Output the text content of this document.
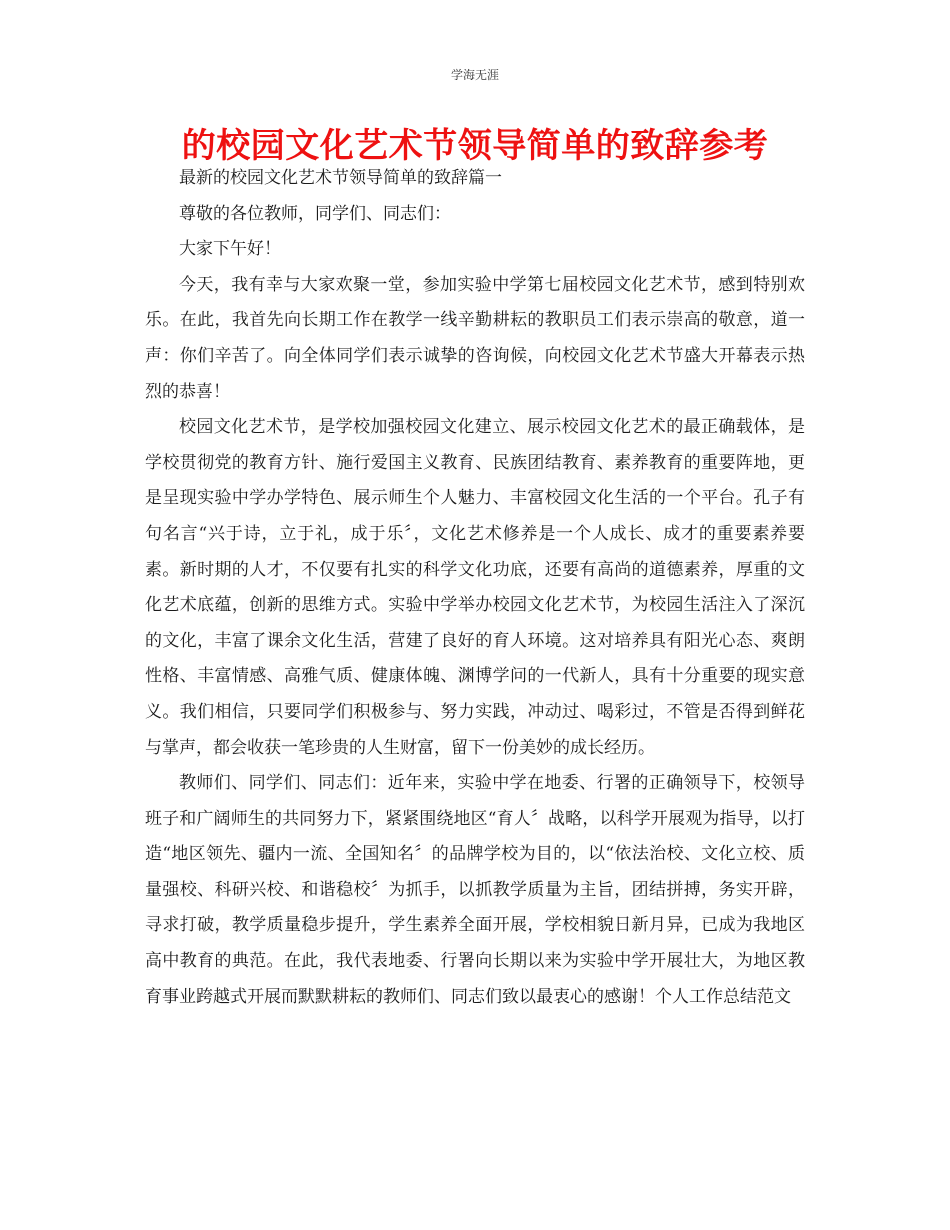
学海无涯
的校园文化艺术节领导简单的致辞参考

最新的校园文化艺术节领导简单的致辞篇一

尊敬的各位教师，同学们、同志们：

大家下午好！

今天，我有幸与大家欢聚一堂，参加实验中学第七届校园文化艺术节，感到特别欢乐。在此，我首先向长期工作在教学一线辛勤耕耘的教职员工们表示崇高的敬意，道一声：你们辛苦了。向全体同学们表示诚挚的咨询候，向校园文化艺术节盛大开幕表示热烈的恭喜！

校园文化艺术节，是学校加强校园文化建立、展示校园文化艺术的最正确载体，是学校贯彻党的教育方针、施行爱国主义教育、民族团结教育、素养教育的重要阵地，更是呈现实验中学办学特色、展示师生个人魅力、丰富校园文化生活的一个平台。孔子有句名言“兴于诗，立于礼，成于乐〞，文化艺术修养是一个人成长、成才的重要素养要素。新时期的人才，不仅要有扎实的科学文化功底，还要有高尚的道德素养，厚重的文化艺术底蕴，创新的思维方式。实验中学举办校园文化艺术节，为校园生活注入了深沉的文化，丰富了课余文化生活，营建了良好的育人环境。这对培养具有阳光心态、爽朗性格、丰富情感、高雅气质、健康体魄、渊博学问的一代新人，具有十分重要的现实意义。我们相信，只要同学们积极参与、努力实践，冲动过、喝彩过，不管是否得到鲜花与掌声，都会收获一笔珍贵的人生财富，留下一份美妙的成长经历。

教师们、同学们、同志们：近年来，实验中学在地委、行署的正确领导下，校领导班子和广阔师生的共同努力下，紧紧围绕地区“育人〞战略，以科学开展观为指导，以打造“地区领先、疆内一流、全国知名〞的品牌学校为目的，以“依法治校、文化立校、质量强校、科研兴校、和谐稳校〞为抓手，以抓教学质量为主旨，团结拼搏，务实开辟，寻求打破，教学质量稳步提升，学生素养全面开展，学校相貌日新月异，已成为我地区高中教育的典范。在此，我代表地委、行署向长期以来为实验中学开展壮大，为地区教育事业跨越式开展而默默耕耘的教师们、同志们致以最衷心的感谢！个人工作总结范文
